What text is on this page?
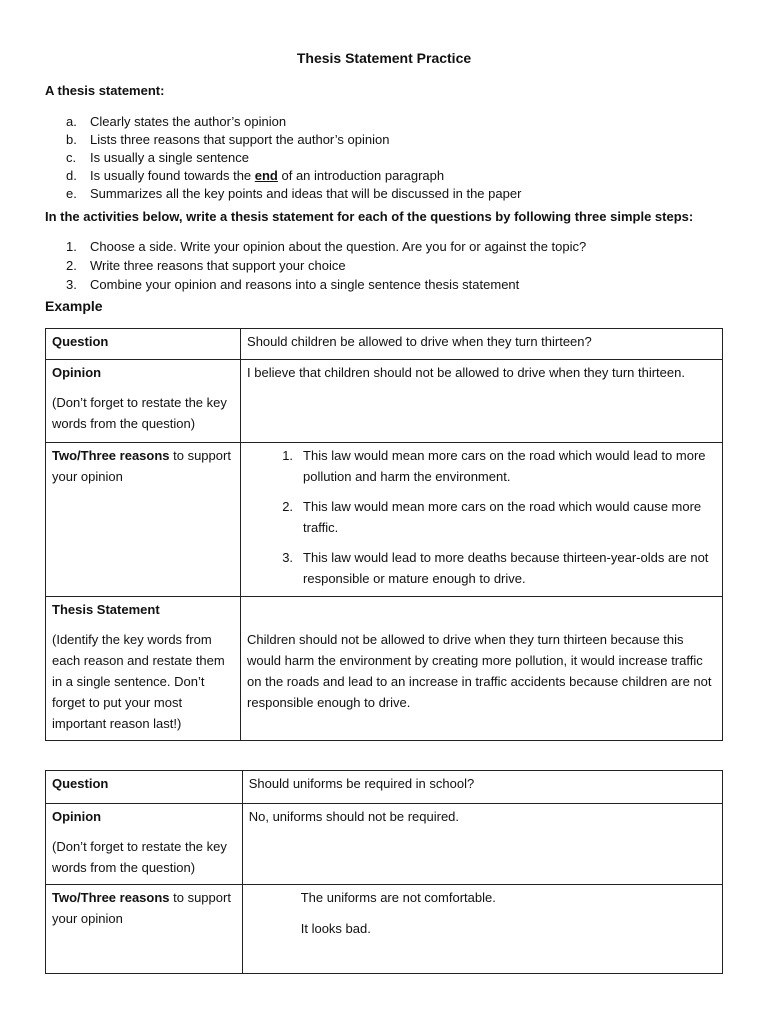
Thesis Statement Practice
A thesis statement:
a. Clearly states the author’s opinion
b. Lists three reasons that support the author’s opinion
c. Is usually a single sentence
d. Is usually found towards the end of an introduction paragraph
e. Summarizes all the key points and ideas that will be discussed in the paper
In the activities below, write a thesis statement for each of the questions by following three simple steps:
1. Choose a side. Write your opinion about the question. Are you for or against the topic?
2. Write three reasons that support your choice
3. Combine your opinion and reasons into a single sentence thesis statement
Example
Question	Should children be allowed to drive when they turn thirteen?

Opinion
(Don’t forget to restate the key words from the question)	I believe that children should not be allowed to drive when they turn thirteen.

Two/Three reasons to support your opinion	1. This law would mean more cars on the road which would lead to more pollution and harm the environment.
2. This law would mean more cars on the road which would cause more traffic.
3. This law would lead to more deaths because thirteen-year-olds are not responsible or mature enough to drive.

Thesis Statement
(Identify the key words from each reason and restate them in a single sentence. Don’t forget to put your most important reason last!)	Children should not be allowed to drive when they turn thirteen because this would harm the environment by creating more pollution, it would increase traffic on the roads and lead to an increase in traffic accidents because children are not responsible enough to drive.
Question	Should uniforms be required in school?

Opinion
(Don’t forget to restate the key words from the question)	No, uniforms should not be required.

Two/Three reasons to support your opinion	The uniforms are not comfortable.
It looks bad.
